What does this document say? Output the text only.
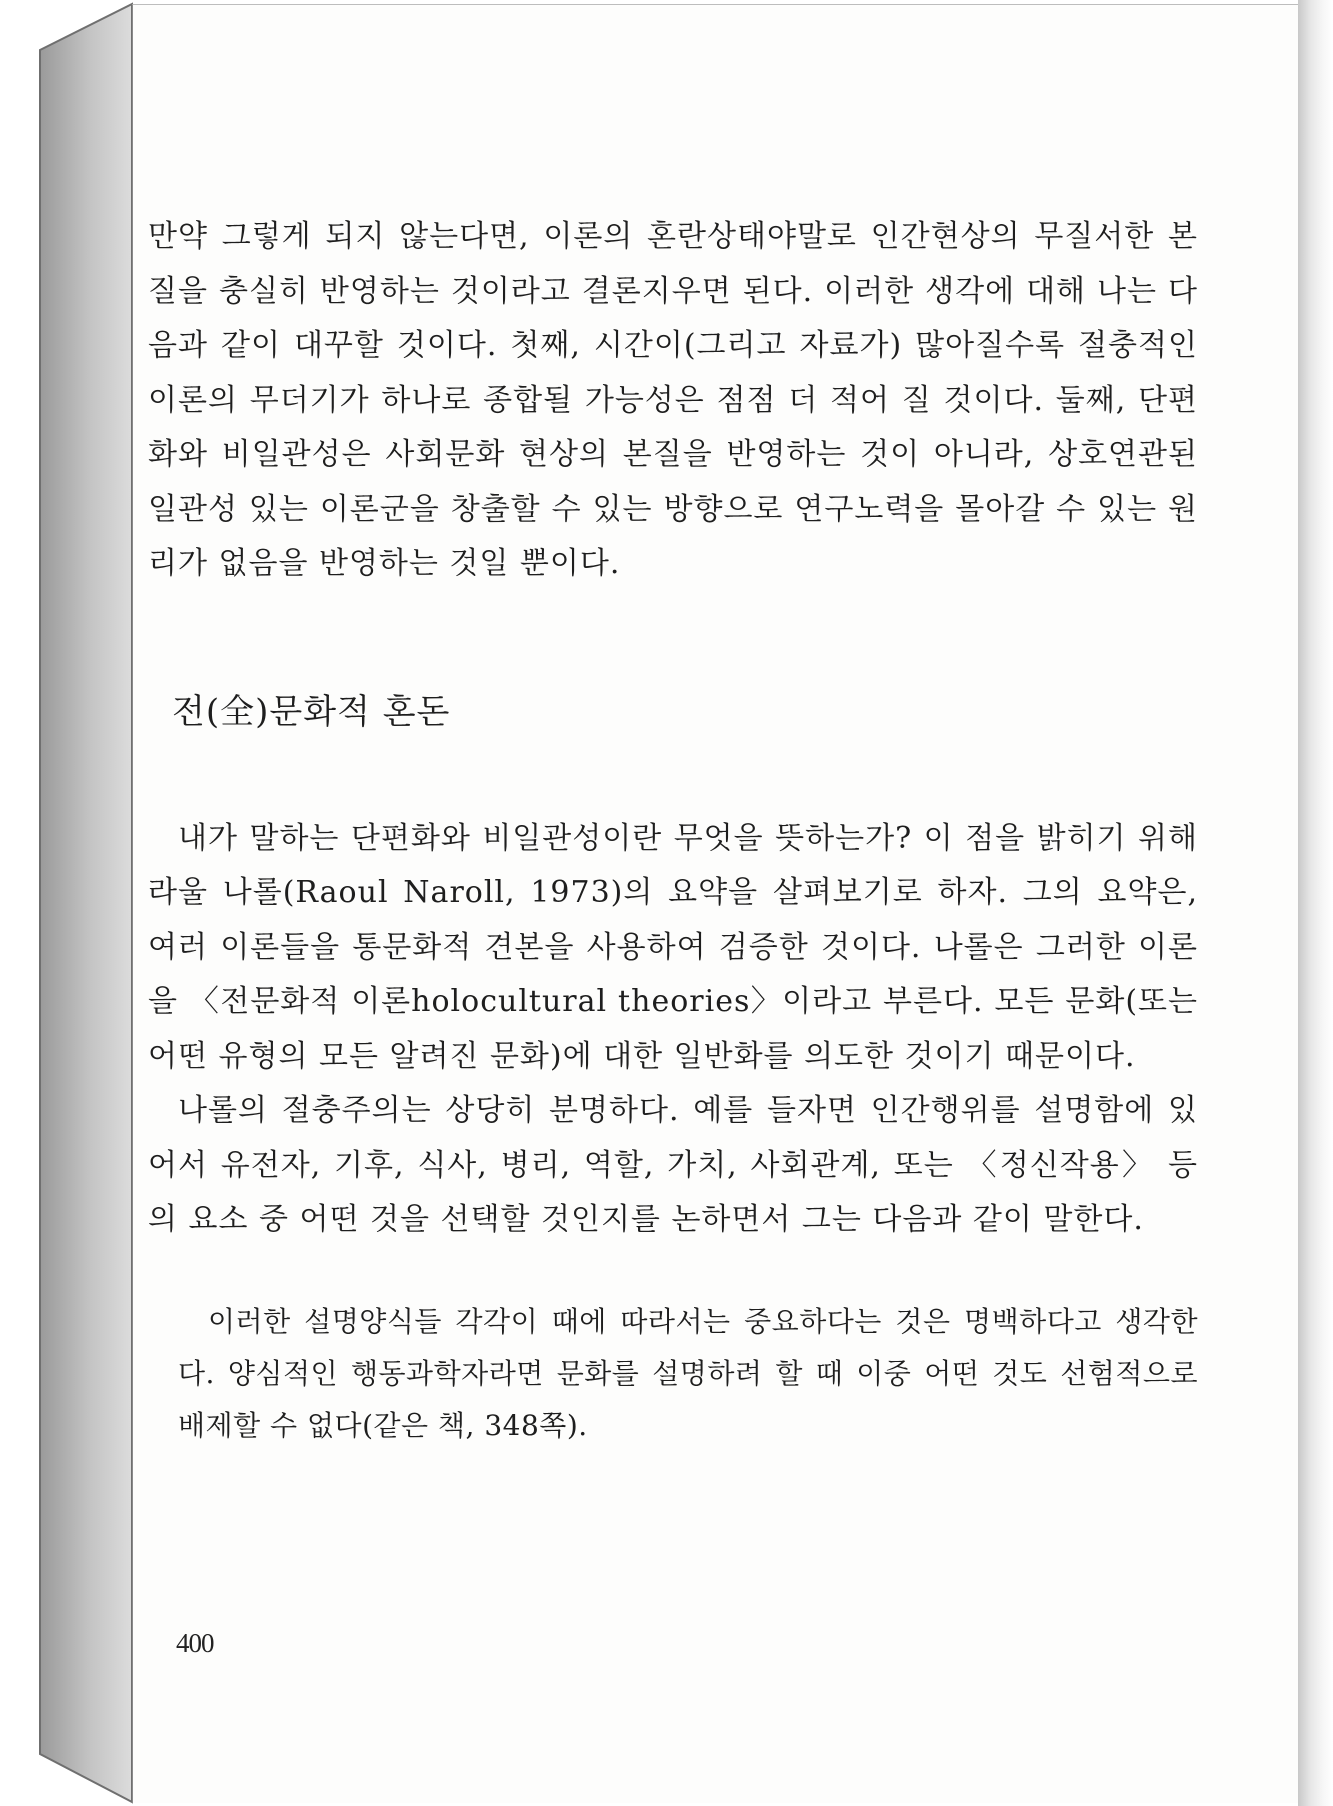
만약 그렇게 되지 않는다면, 이론의 혼란상태야말로 인간현상의 무질서한 본질을 충실히 반영하는 것이라고 결론지우면 된다. 이러한 생각에 대해 나는 다음과 같이 대꾸할 것이다. 첫째, 시간이(그리고 자료가) 많아질수록 절충적인 이론의 무더기가 하나로 종합될 가능성은 점점 더 적어 질 것이다. 둘째, 단편화와 비일관성은 사회문화 현상의 본질을 반영하는 것이 아니라, 상호연관된 일관성 있는 이론군을 창출할 수 있는 방향으로 연구노력을 몰아갈 수 있는 원리가 없음을 반영하는 것일 뿐이다.

전(全)문화적 혼돈

내가 말하는 단편화와 비일관성이란 무엇을 뜻하는가? 이 점을 밝히기 위해 라울 나롤(Raoul Naroll, 1973)의 요약을 살펴보기로 하자. 그의 요약은, 여러 이론들을 통문화적 견본을 사용하여 검증한 것이다. 나롤은 그러한 이론을 〈전문화적 이론holocultural theories〉이라고 부른다. 모든 문화(또는 어떤 유형의 모든 알려진 문화)에 대한 일반화를 의도한 것이기 때문이다.

나롤의 절충주의는 상당히 분명하다. 예를 들자면 인간행위를 설명함에 있어서 유전자, 기후, 식사, 병리, 역할, 가치, 사회관계, 또는 〈정신작용〉 등의 요소 중 어떤 것을 선택할 것인지를 논하면서 그는 다음과 같이 말한다.

이러한 설명양식들 각각이 때에 따라서는 중요하다는 것은 명백하다고 생각한다. 양심적인 행동과학자라면 문화를 설명하려 할 때 이중 어떤 것도 선험적으로 배제할 수 없다(같은 책, 348쪽).

400
